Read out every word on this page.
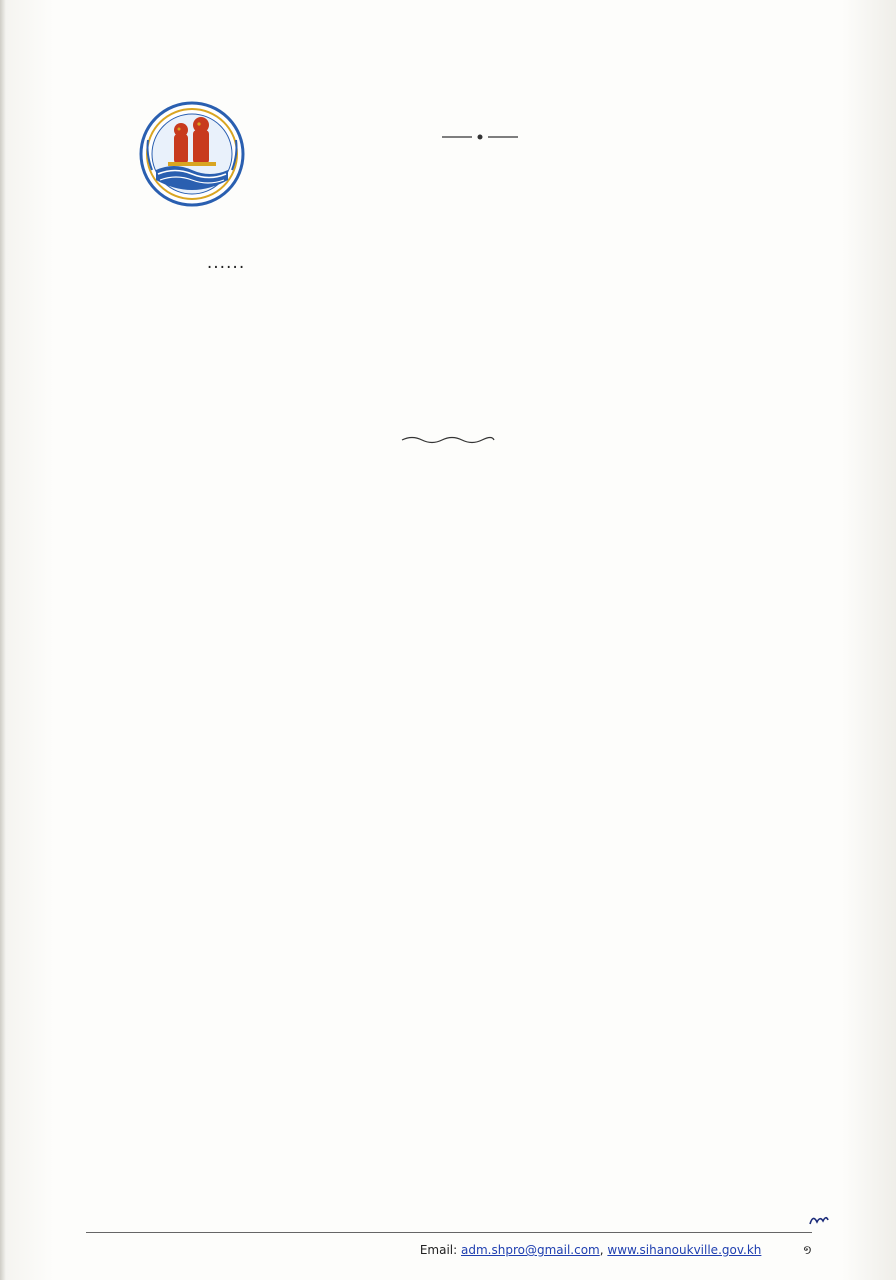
......

Email: adm.shpro@gmail.com, www.sihanoukville.gov.kh	១
